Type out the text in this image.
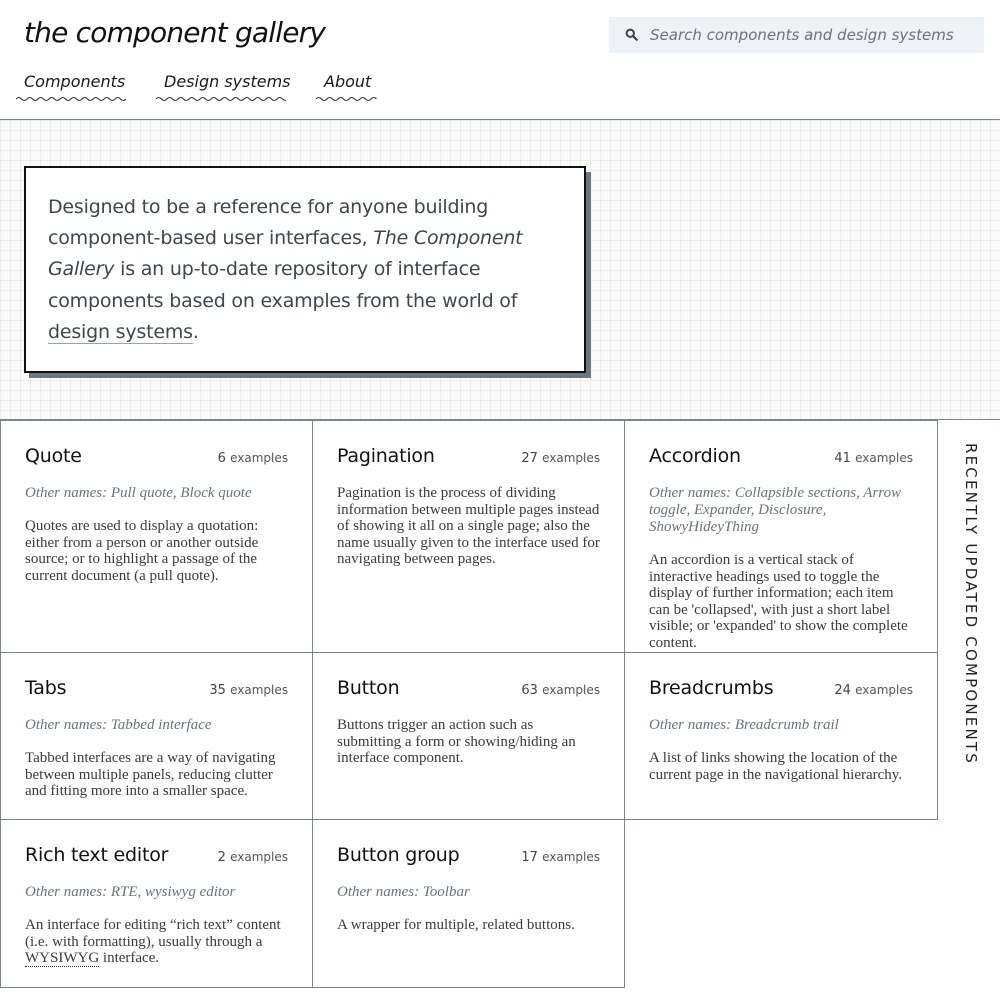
the component gallery
Search components and design systems
Components Design systems About

Designed to be a reference for anyone building component-based user interfaces, The Component Gallery is an up-to-date repository of interface components based on examples from the world of design systems.

Quote	6 examples
Other names: Pull quote, Block quote
Quotes are used to display a quotation: either from a person or another outside source; or to highlight a passage of the current document (a pull quote).
Pagination	27 examples
Pagination is the process of dividing information between multiple pages instead of showing it all on a single page; also the name usually given to the interface used for navigating between pages.
Accordion	41 examples
Other names: Collapsible sections, Arrow toggle, Expander, Disclosure, ShowyHideyThing
An accordion is a vertical stack of interactive headings used to toggle the display of further information; each item can be 'collapsed', with just a short label visible; or 'expanded' to show the complete content.
Tabs	35 examples
Other names: Tabbed interface
Tabbed interfaces are a way of navigating between multiple panels, reducing clutter and fitting more into a smaller space.
Button	63 examples
Buttons trigger an action such as submitting a form or showing/hiding an interface component.
Breadcrumbs	24 examples
Other names: Breadcrumb trail
A list of links showing the location of the current page in the navigational hierarchy.
Rich text editor	2 examples
Other names: RTE, wysiwyg editor
An interface for editing “rich text” content (i.e. with formatting), usually through a WYSIWYG interface.
Button group	17 examples
Other names: Toolbar
A wrapper for multiple, related buttons.
RECENTLY UPDATED COMPONENTS
